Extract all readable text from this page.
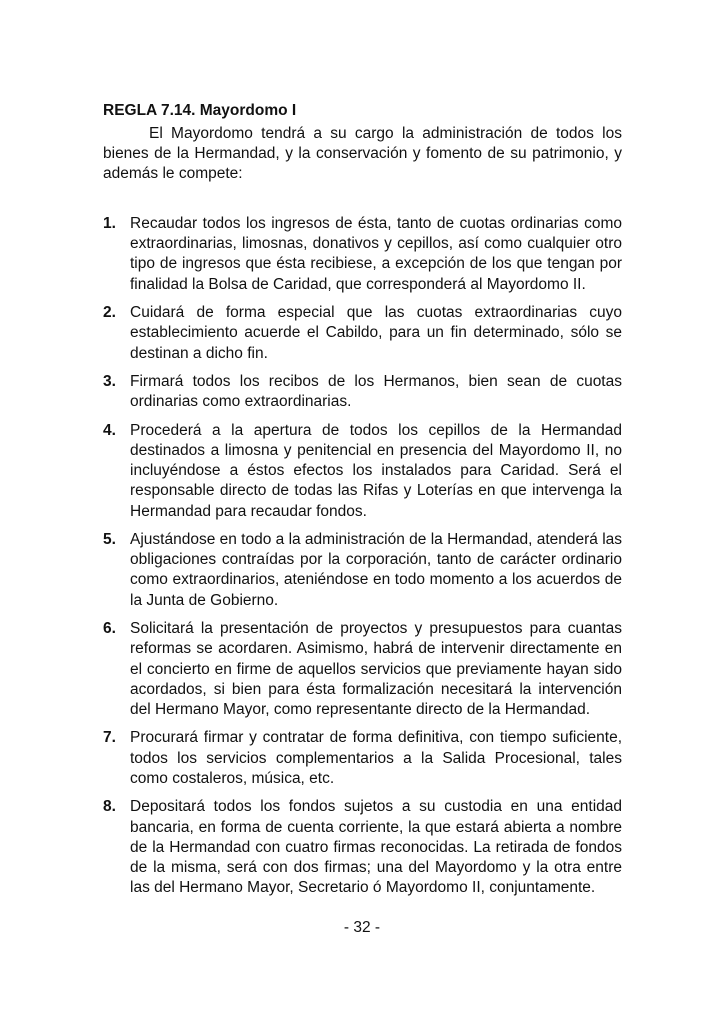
REGLA 7.14. Mayordomo I

El Mayordomo tendrá a su cargo la administración de todos los bienes de la Hermandad, y la conservación y fomento de su patrimonio, y además le compete:

1. Recaudar todos los ingresos de ésta, tanto de cuotas ordinarias como extraordinarias, limosnas, donativos y cepillos, así como cualquier otro tipo de ingresos que ésta recibiese, a excepción de los que tengan por finalidad la Bolsa de Caridad, que corresponderá al Mayordomo II.
2. Cuidará de forma especial que las cuotas extraordinarias cuyo establecimiento acuerde el Cabildo, para un fin determinado, sólo se destinan a dicho fin.
3. Firmará todos los recibos de los Hermanos, bien sean de cuotas ordinarias como extraordinarias.
4. Procederá a la apertura de todos los cepillos de la Hermandad destinados a limosna y penitencial en presencia del Mayordomo II, no incluyéndose a éstos efectos los instalados para Caridad. Será el responsable directo de todas las Rifas y Loterías en que intervenga la Hermandad para recaudar fondos.
5. Ajustándose en todo a la administración de la Hermandad, atenderá las obligaciones contraídas por la corporación, tanto de carácter ordinario como extraordinarios, ateniéndose en todo momento a los acuerdos de la Junta de Gobierno.
6. Solicitará la presentación de proyectos y presupuestos para cuantas reformas se acordaren. Asimismo, habrá de intervenir directamente en el concierto en firme de aquellos servicios que previamente hayan sido acordados, si bien para ésta formalización necesitará la intervención del Hermano Mayor, como representante directo de la Hermandad.
7. Procurará firmar y contratar de forma definitiva, con tiempo suficiente, todos los servicios complementarios a la Salida Procesional, tales como costaleros, música, etc.
8. Depositará todos los fondos sujetos a su custodia en una entidad bancaria, en forma de cuenta corriente, la que estará abierta a nombre de la Hermandad con cuatro firmas reconocidas. La retirada de fondos de la misma, será con dos firmas; una del Mayordomo y la otra entre las del Hermano Mayor, Secretario ó Mayordomo II, conjuntamente.

- 32 -
